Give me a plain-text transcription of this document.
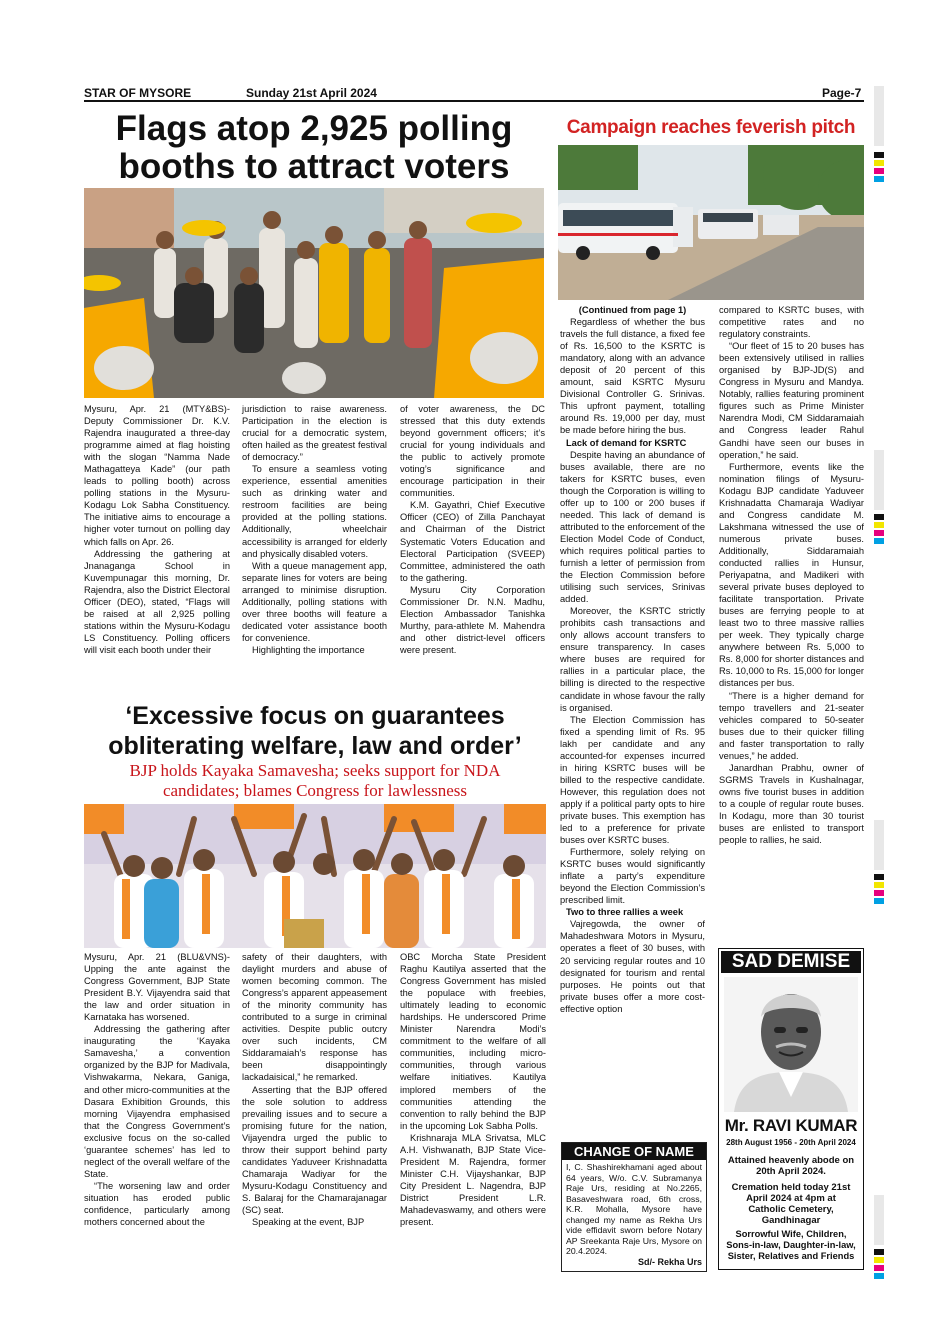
STAR OF MYSORE	Sunday 21st April 2024	Page-7
Flags atop 2,925 polling
booths to attract voters

Mysuru, Apr. 21 (MTY&BS)- Deputy Commissioner Dr. K.V. Rajendra inaugurated a three-day programme aimed at flag hoisting with the slogan “Namma Nade Mathagatteya Kade” (our path leads to polling booth) across polling stations in the Mysuru-Kodagu Lok Sabha Constituency. The initiative aims to encourage a higher voter turnout on polling day which falls on Apr. 26.

Addressing the gathering at Jnanaganga School in Kuvempunagar this morning, Dr. Rajendra, also the District Electoral Officer (DEO), stated, “Flags will be raised at all 2,925 polling stations within the Mysuru-Kodagu LS Constituency. Polling officers will visit each booth under their

jurisdiction to raise awareness. Participation in the election is crucial for a democratic system, often hailed as the greatest festival of democracy.”

To ensure a seamless voting experience, essential amenities such as drinking water and restroom facilities are being provided at the polling stations. Additionally, wheelchair accessibility is arranged for elderly and physically disabled voters.

With a queue management app, separate lines for voters are being arranged to minimise disruption. Additionally, polling stations with over three booths will feature a dedicated voter assistance booth for convenience.

Highlighting the importance

of voter awareness, the DC stressed that this duty extends beyond government officers; it’s crucial for young individuals and the public to actively promote voting’s significance and encourage participation in their communities.

K.M. Gayathri, Chief Executive Officer (CEO) of Zilla Panchayat and Chairman of the District Systematic Voters Education and Electoral Participation (SVEEP) Committee, administered the oath to the gathering.

Mysuru City Corporation Commissioner Dr. N.N. Madhu, Election Ambassador Tanishka Murthy, para-athlete M. Mahendra and other district-level officers were present.

‘Excessive focus on guarantees
obliterating welfare, law and order’
BJP holds Kayaka Samavesha; seeks support for NDA
candidates; blames Congress for lawlessness

Mysuru, Apr. 21 (BLU&VNS)- Upping the ante against the Congress Government, BJP State President B.Y. Vijayendra said that the law and order situation in Karnataka has worsened.

Addressing the gathering after inaugurating the ‘Kayaka Samavesha,’ a convention organized by the BJP for Madivala, Vishwakarma, Nekara, Ganiga, and other micro-communities at the Dasara Exhibition Grounds, this morning Vijayendra emphasised that the Congress Government’s exclusive focus on the so-called ‘guarantee schemes’ has led to neglect of the overall welfare of the State.

“The worsening law and order situation has eroded public confidence, particularly among mothers concerned about the

safety of their daughters, with daylight murders and abuse of women becoming common. The Congress’s apparent appeasement of the minority community has contributed to a surge in criminal activities. Despite public outcry over such incidents, CM Siddaramaiah’s response has been disappointingly lackadaisical,” he remarked.

Asserting that the BJP offered the sole solution to address prevailing issues and to secure a promising future for the nation, Vijayendra urged the public to throw their support behind party candidates Yaduveer Krishnadatta Chamaraja Wadiyar for the Mysuru-Kodagu Constituency and S. Balaraj for the Chamarajanagar (SC) seat.

Speaking at the event, BJP

OBC Morcha State President Raghu Kautilya asserted that the Congress Government has misled the populace with freebies, ultimately leading to economic hardships. He underscored Prime Minister Narendra Modi’s commitment to the welfare of all communities, including micro-communities, through various welfare initiatives. Kautilya implored members of the communities attending the convention to rally behind the BJP in the upcoming Lok Sabha Polls.

Krishnaraja MLA Srivatsa, MLC A.H. Vishwanath, BJP State Vice-President M. Rajendra, former Minister C.H. Vijayshankar, BJP City President L. Nagendra, BJP District President L.R. Mahadevaswamy, and others were present.

Campaign reaches feverish pitch

(Continued from page 1)

Regardless of whether the bus travels the full distance, a fixed fee of Rs. 16,500 to the KSRTC is mandatory, along with an advance deposit of 20 percent of this amount, said KSRTC Mysuru Divisional Controller G. Srinivas. This upfront payment, totalling around Rs. 19,000 per day, must be made before hiring the bus.

Lack of demand for KSRTC

Despite having an abundance of buses available, there are no takers for KSRTC buses, even though the Corporation is willing to offer up to 100 or 200 buses if needed. This lack of demand is attributed to the enforcement of the Election Model Code of Conduct, which requires political parties to furnish a letter of permission from the Election Commission before utilising such services, Srinivas added.

Moreover, the KSRTC strictly prohibits cash transactions and only allows account transfers to ensure transparency. In cases where buses are required for rallies in a particular place, the billing is directed to the respective candidate in whose favour the rally is organised.

The Election Commission has fixed a spending limit of Rs. 95 lakh per candidate and any accounted-for expenses incurred in hiring KSRTC buses will be billed to the respective candidate. However, this regulation does not apply if a political party opts to hire private buses. This exemption has led to a preference for private buses over KSRTC buses.

Furthermore, solely relying on KSRTC buses would significantly inflate a party’s expenditure beyond the Election Commission’s prescribed limit.

Two to three rallies a week

Vajregowda, the owner of Mahadeshwara Motors in Mysuru, operates a fleet of 30 buses, with 20 servicing regular routes and 10 designated for tourism and rental purposes. He points out that private buses offer a more cost-effective option

compared to KSRTC buses, with competitive rates and no regulatory constraints.

“Our fleet of 15 to 20 buses has been extensively utilised in rallies organised by BJP-JD(S) and Congress in Mysuru and Mandya. Notably, rallies featuring prominent figures such as Prime Minister Narendra Modi, CM Siddaramaiah and Congress leader Rahul Gandhi have seen our buses in operation,” he said.

Furthermore, events like the nomination filings of Mysuru-Kodagu BJP candidate Yaduveer Krishnadatta Chamaraja Wadiyar and Congress candidate M. Lakshmana witnessed the use of numerous private buses. Additionally, Siddaramaiah conducted rallies in Hunsur, Periyapatna, and Madikeri with several private buses deployed to facilitate transportation. Private buses are ferrying people to at least two to three massive rallies per week. They typically charge anywhere between Rs. 5,000 to Rs. 8,000 for shorter distances and Rs. 10,000 to Rs. 15,000 for longer distances per bus.

“There is a higher demand for tempo travellers and 21-seater vehicles compared to 50-seater buses due to their quicker filling and faster transportation to rally venues,” he added.

Janardhan Prabhu, owner of SGRMS Travels in Kushalnagar, owns five tourist buses in addition to a couple of regular route buses. In Kodagu, more than 30 tourist buses are enlisted to transport people to rallies, he said.

CHANGE OF NAME
I, C. Shashirekhamani aged about 64 years, W/o. C.V. Subramanya Raje Urs, residing at No.2265, Basaveshwara road, 6th cross, K.R. Mohalla, Mysore have changed my name as Rekha Urs vide effidavit sworn before Notary AP Sreekanta Raje Urs, Mysore on 20.4.2024.
Sd/- Rekha Urs
SAD DEMISE
Mr. RAVI KUMAR
28th August 1956 - 20th April 2024
Attained heavenly abode on 20th April 2024.
Cremation held today 21st April 2024 at 4pm at Catholic Cemetery, Gandhinagar
Sorrowful Wife, Children, Sons-in-law, Daughter-in-law, Sister, Relatives and Friends
